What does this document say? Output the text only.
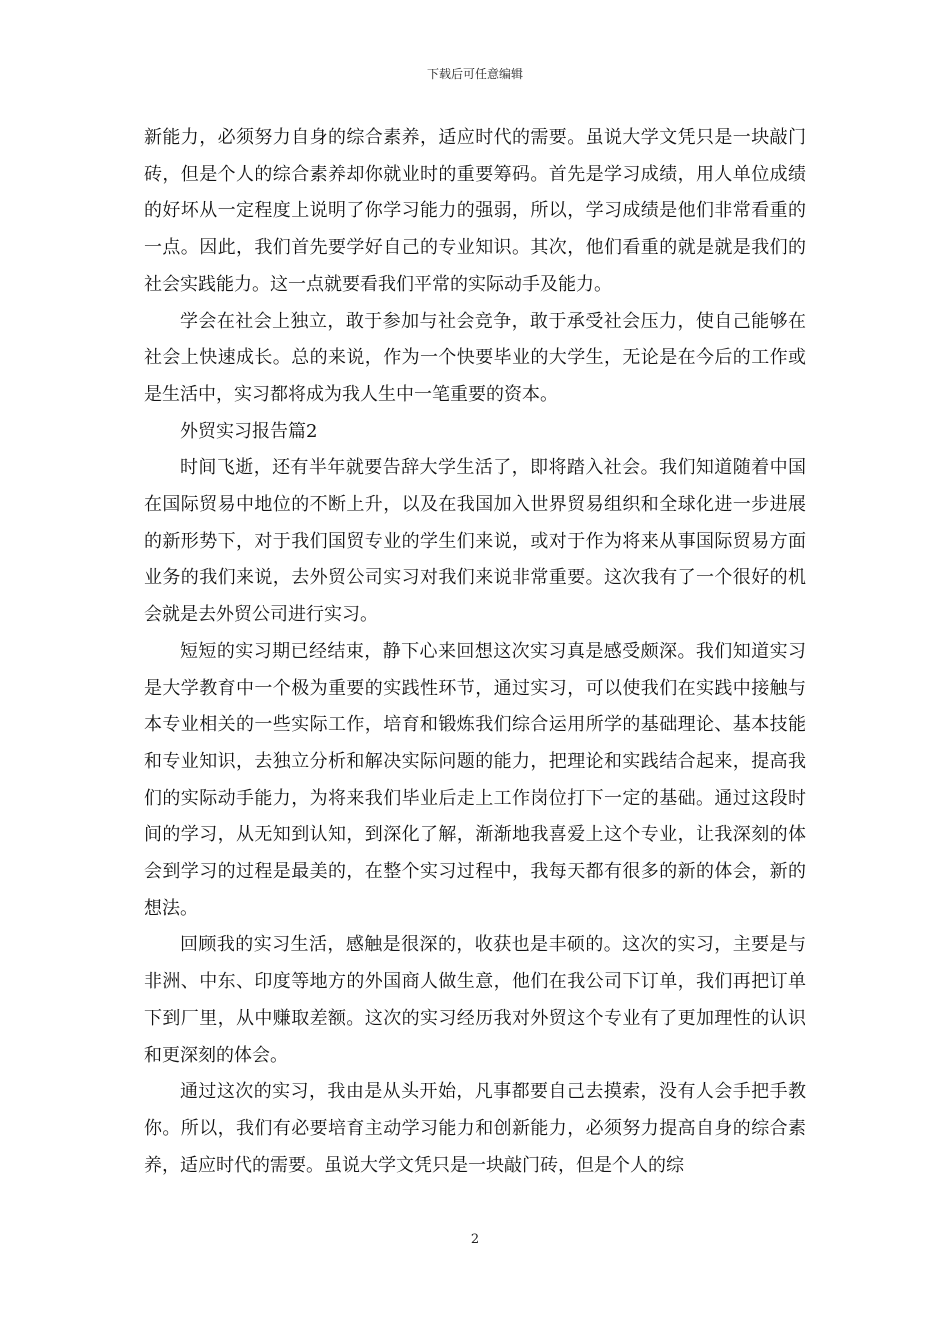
下载后可任意编辑

新能力，必须努力自身的综合素养，适应时代的需要。虽说大学文凭只是一块敲门砖，但是个人的综合素养却你就业时的重要筹码。首先是学习成绩，用人单位成绩的好坏从一定程度上说明了你学习能力的强弱，所以，学习成绩是他们非常看重的一点。因此，我们首先要学好自己的专业知识。其次，他们看重的就是就是我们的社会实践能力。这一点就要看我们平常的实际动手及能力。

学会在社会上独立，敢于参加与社会竞争，敢于承受社会压力，使自己能够在社会上快速成长。总的来说，作为一个快要毕业的大学生，无论是在今后的工作或是生活中，实习都将成为我人生中一笔重要的资本。

外贸实习报告篇2

时间飞逝，还有半年就要告辞大学生活了，即将踏入社会。我们知道随着中国在国际贸易中地位的不断上升，以及在我国加入世界贸易组织和全球化进一步进展的新形势下，对于我们国贸专业的学生们来说，或对于作为将来从事国际贸易方面业务的我们来说，去外贸公司实习对我们来说非常重要。这次我有了一个很好的机会就是去外贸公司进行实习。

短短的实习期已经结束，静下心来回想这次实习真是感受颇深。我们知道实习是大学教育中一个极为重要的实践性环节，通过实习，可以使我们在实践中接触与本专业相关的一些实际工作，培育和锻炼我们综合运用所学的基础理论、基本技能和专业知识，去独立分析和解决实际问题的能力，把理论和实践结合起来，提高我们的实际动手能力，为将来我们毕业后走上工作岗位打下一定的基础。通过这段时间的学习，从无知到认知，到深化了解，渐渐地我喜爱上这个专业，让我深刻的体会到学习的过程是最美的，在整个实习过程中，我每天都有很多的新的体会，新的想法。

回顾我的实习生活，感触是很深的，收获也是丰硕的。这次的实习，主要是与非洲、中东、印度等地方的外国商人做生意，他们在我公司下订单，我们再把订单下到厂里，从中赚取差额。这次的实习经历我对外贸这个专业有了更加理性的认识和更深刻的体会。

通过这次的实习，我由是从头开始，凡事都要自己去摸索，没有人会手把手教你。所以，我们有必要培育主动学习能力和创新能力，必须努力提高自身的综合素养，适应时代的需要。虽说大学文凭只是一块敲门砖，但是个人的综

2
